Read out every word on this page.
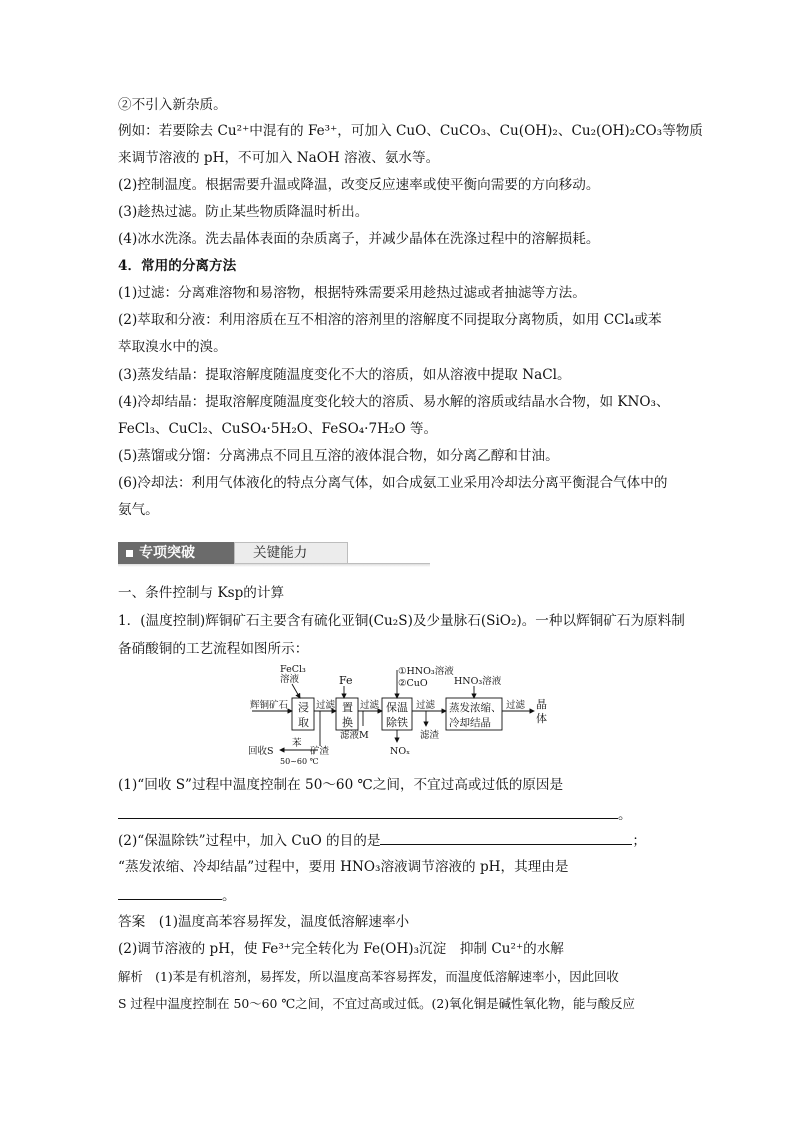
②不引入新杂质。
例如：若要除去 Cu²⁺中混有的 Fe³⁺，可加入 CuO、CuCO₃、Cu(OH)₂、Cu₂(OH)₂CO₃等物质
来调节溶液的 pH，不可加入 NaOH 溶液、氨水等。
(2)控制温度。根据需要升温或降温，改变反应速率或使平衡向需要的方向移动。
(3)趁热过滤。防止某些物质降温时析出。
(4)冰水洗涤。洗去晶体表面的杂质离子，并减少晶体在洗涤过程中的溶解损耗。
4．常用的分离方法
(1)过滤：分离难溶物和易溶物，根据特殊需要采用趁热过滤或者抽滤等方法。
(2)萃取和分液：利用溶质在互不相溶的溶剂里的溶解度不同提取分离物质，如用 CCl₄或苯
萃取溴水中的溴。
(3)蒸发结晶：提取溶解度随温度变化不大的溶质，如从溶液中提取 NaCl。
(4)冷却结晶：提取溶解度随温度变化较大的溶质、易水解的溶质或结晶水合物，如 KNO₃、
FeCl₃、CuCl₂、CuSO₄·5H₂O、FeSO₄·7H₂O 等。
(5)蒸馏或分馏：分离沸点不同且互溶的液体混合物，如分离乙醇和甘油。
(6)冷却法：利用气体液化的特点分离气体，如合成氨工业采用冷却法分离平衡混合气体中的
氨气。
专项突破	关键能力
一、条件控制与 Ksp的计算
1．(温度控制)辉铜矿石主要含有硫化亚铜(Cu₂S)及少量脉石(SiO₂)。一种以辉铜矿石为原料制
备硝酸铜的工艺流程如图所示：
FeCl₃
溶液
辉铜矿石 浸
取
过滤
Fe
置
换
过滤
①HNO₃溶液
②CuO
保温
除铁
过滤
HNO₃溶液
蒸发浓缩、
冷却结晶
过滤 晶
体
回收S
苯
50~60 ℃
矿渣
滤液M
NOₓ
滤渣
(1)“回收 S”过程中温度控制在 50～60 ℃之间，不宜过高或过低的原因是
。
(2)“保温除铁”过程中，加入 CuO 的目的是	；
“蒸发浓缩、冷却结晶”过程中，要用 HNO₃溶液调节溶液的 pH，其理由是
。
答案　(1)温度高苯容易挥发，温度低溶解速率小
(2)调节溶液的 pH，使 Fe³⁺完全转化为 Fe(OH)₃沉淀　抑制 Cu²⁺的水解
解析　(1)苯是有机溶剂，易挥发，所以温度高苯容易挥发，而温度低溶解速率小，因此回收
S 过程中温度控制在 50～60 ℃之间，不宜过高或过低。(2)氧化铜是碱性氧化物，能与酸反应
